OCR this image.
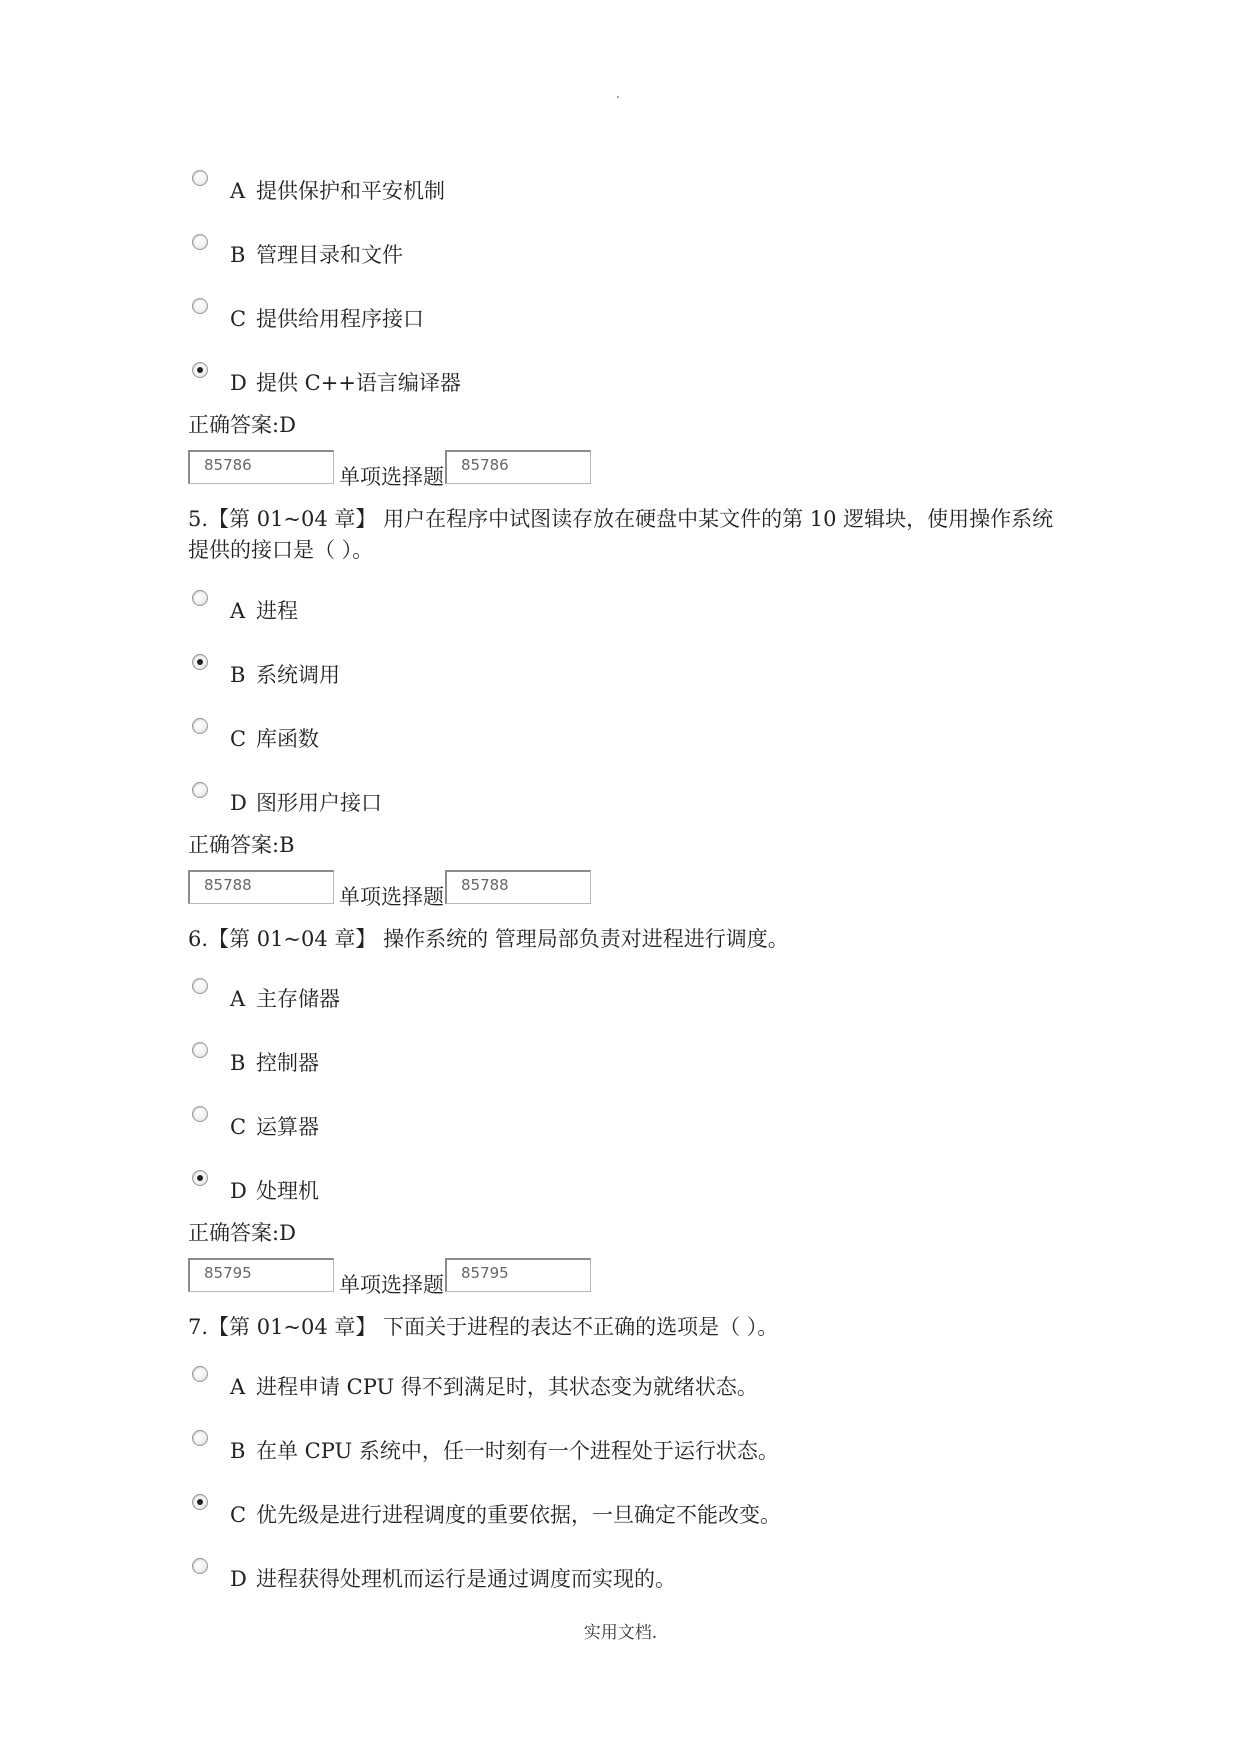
A 提供保护和平安机制
B 管理目录和文件
C 提供给用程序接口
D 提供 C++语言编译器
正确答案:D
85786	单项选择题	85786
5.【第 01~04 章】 用户在程序中试图读存放在硬盘中某文件的第 10 逻辑块，使用操作系统
提供的接口是（ ）。
A 进程
B 系统调用
C 库函数
D 图形用户接口
正确答案:B
85788	单项选择题	85788
6.【第 01~04 章】 操作系统的 管理局部负责对进程进行调度。
A 主存储器
B 控制器
C 运算器
D 处理机
正确答案:D
85795	单项选择题	85795
7.【第 01~04 章】 下面关于进程的表达不正确的选项是（ ）。
A 进程申请 CPU 得不到满足时，其状态变为就绪状态。
B 在单 CPU 系统中，任一时刻有一个进程处于运行状态。
C 优先级是进行进程调度的重要依据，一旦确定不能改变。
D 进程获得处理机而运行是通过调度而实现的。
实用文档.
